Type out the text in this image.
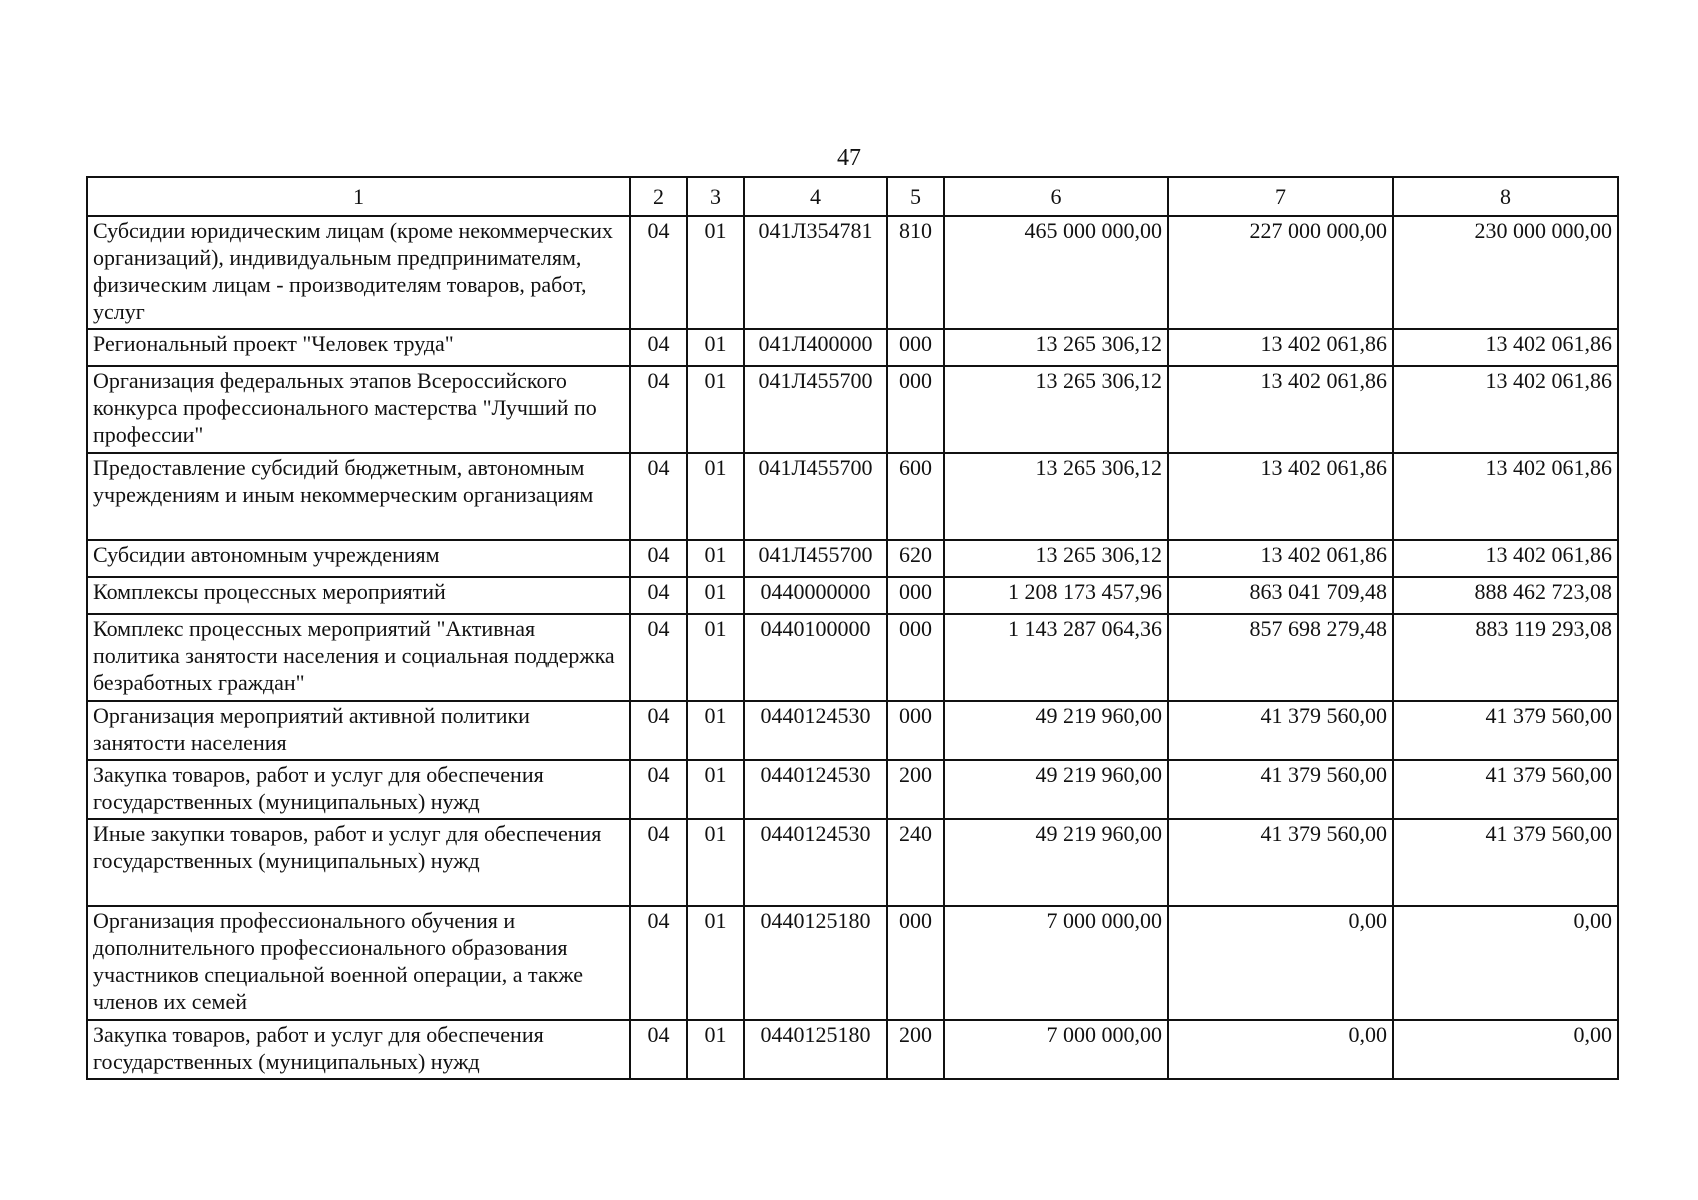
47
1	2	3	4	5	6	7	8
Субсидии юридическим лицам (кроме некоммерческих организаций), индивидуальным предпринимателям, физическим лицам - производителям товаров, работ, услуг	04	01	041Л354781	810	465 000 000,00	227 000 000,00	230 000 000,00
Региональный проект "Человек труда"	04	01	041Л400000	000	13 265 306,12	13 402 061,86	13 402 061,86
Организация федеральных этапов Всероссийского конкурса профессионального мастерства "Лучший по профессии"	04	01	041Л455700	000	13 265 306,12	13 402 061,86	13 402 061,86
Предоставление субсидий бюджетным, автономным учреждениям и иным некоммерческим организациям	04	01	041Л455700	600	13 265 306,12	13 402 061,86	13 402 061,86
Субсидии автономным учреждениям	04	01	041Л455700	620	13 265 306,12	13 402 061,86	13 402 061,86
Комплексы процессных мероприятий	04	01	0440000000	000	1 208 173 457,96	863 041 709,48	888 462 723,08
Комплекс процессных мероприятий "Активная политика занятости населения и социальная поддержка безработных граждан"	04	01	0440100000	000	1 143 287 064,36	857 698 279,48	883 119 293,08
Организация мероприятий активной политики занятости населения	04	01	0440124530	000	49 219 960,00	41 379 560,00	41 379 560,00
Закупка товаров, работ и услуг для обеспечения государственных (муниципальных) нужд	04	01	0440124530	200	49 219 960,00	41 379 560,00	41 379 560,00
Иные закупки товаров, работ и услуг для обеспечения государственных (муниципальных) нужд	04	01	0440124530	240	49 219 960,00	41 379 560,00	41 379 560,00
Организация профессионального обучения и дополнительного профессионального образования участников специальной военной операции, а также членов их семей	04	01	0440125180	000	7 000 000,00	0,00	0,00
Закупка товаров, работ и услуг для обеспечения государственных (муниципальных) нужд	04	01	0440125180	200	7 000 000,00	0,00	0,00
